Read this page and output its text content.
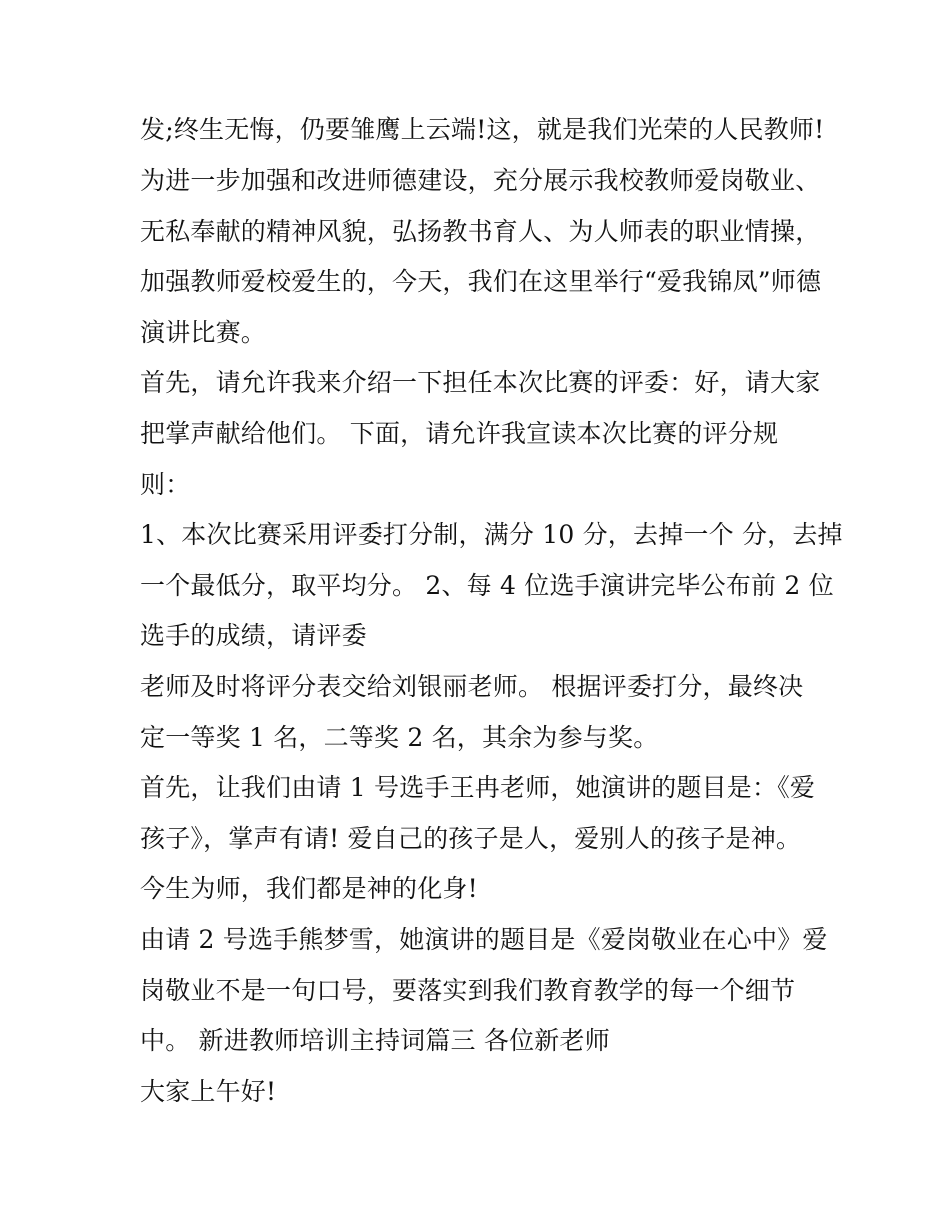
发;终生无悔，仍要雏鹰上云端!这，就是我们光荣的人民教师!

为进一步加强和改进师德建设，充分展示我校教师爱岗敬业、

无私奉献的精神风貌，弘扬教书育人、为人师表的职业情操，

加强教师爱校爱生的，今天，我们在这里举行“爱我锦凤”师德

演讲比赛。

首先，请允许我来介绍一下担任本次比赛的评委：好，请大家

把掌声献给他们。 下面，请允许我宣读本次比赛的评分规

则：

1、本次比赛采用评委打分制，满分 10 分，去掉一个 分，去掉

一个最低分，取平均分。 2、每 4 位选手演讲完毕公布前 2 位

选手的成绩，请评委

老师及时将评分表交给刘银丽老师。 根据评委打分，最终决

定一等奖 1 名，二等奖 2 名，其余为参与奖。

首先，让我们由请 1 号选手王冉老师，她演讲的题目是：《爱

孩子》，掌声有请! 爱自己的孩子是人，爱别人的孩子是神。

今生为师，我们都是神的化身!

由请 2 号选手熊梦雪，她演讲的题目是《爱岗敬业在心中》爱

岗敬业不是一句口号，要落实到我们教育教学的每一个细节

中。 新进教师培训主持词篇三 各位新老师

大家上午好!
